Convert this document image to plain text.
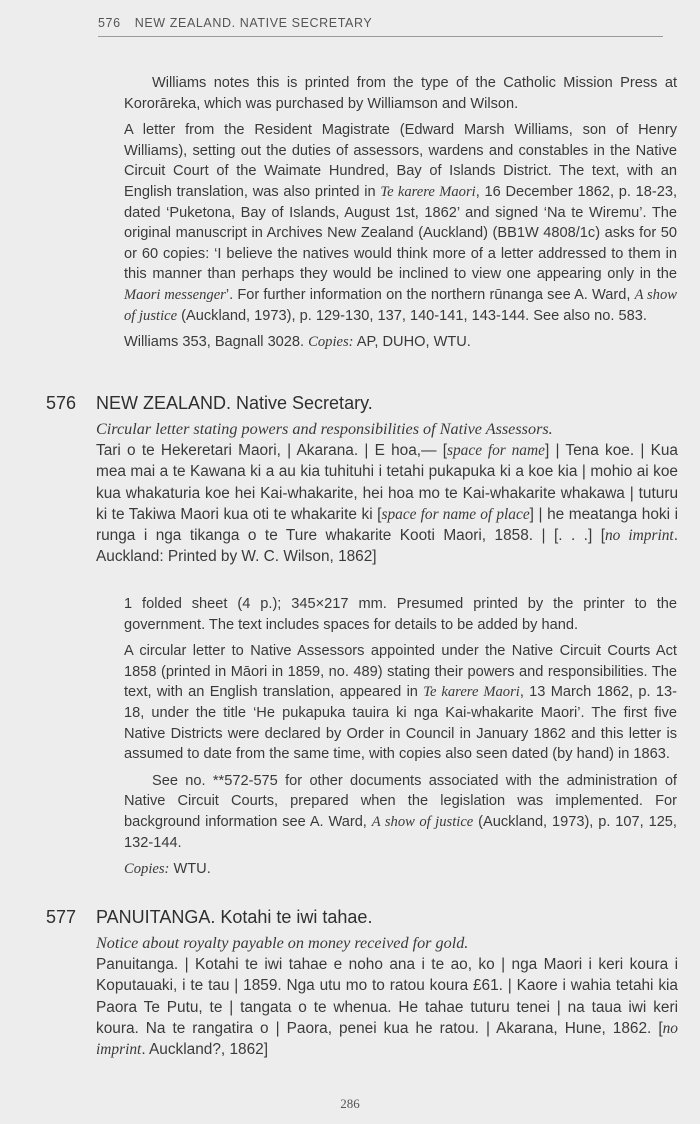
576 NEW ZEALAND. NATIVE SECRETARY

Williams notes this is printed from the type of the Catholic Mission Press at Kororāreka, which was purchased by Williamson and Wilson.

A letter from the Resident Magistrate (Edward Marsh Williams, son of Henry Williams), setting out the duties of assessors, wardens and constables in the Native Circuit Court of the Waimate Hundred, Bay of Islands District. The text, with an English translation, was also printed in Te karere Maori, 16 December 1862, p. 18-23, dated ‘Puketona, Bay of Islands, August 1st, 1862’ and signed ‘Na te Wiremu’. The original manuscript in Archives New Zealand (Auckland) (BB1W 4808/1c) asks for 50 or 60 copies: ‘I believe the natives would think more of a letter addressed to them in this manner than perhaps they would be inclined to view one appearing only in the Maori messenger’. For further information on the northern rūnanga see A. Ward, A show of justice (Auckland, 1973), p. 129-130, 137, 140-141, 143-144. See also no. 583.

Williams 353, Bagnall 3028. Copies: AP, DUHO, WTU.

576 NEW ZEALAND. Native Secretary.
Circular letter stating powers and responsibilities of Native Assessors.
Tari o te Hekeretari Maori, | Akarana. | E hoa,— [space for name] | Tena koe. | Kua mea mai a te Kawana ki a au kia tuhituhi i tetahi pukapuka ki a koe kia | mohio ai koe kua whakaturia koe hei Kai-whakarite, hei hoa mo te Kai-whakarite whakawa | tuturu ki te Takiwa Maori kua oti te whakarite ki [space for name of place] | he meatanga hoki i runga i nga tikanga o te Ture whakarite Kooti Maori, 1858. | [. . .] [no imprint. Auckland: Printed by W. C. Wilson, 1862]

1 folded sheet (4 p.); 345×217 mm. Presumed printed by the printer to the government. The text includes spaces for details to be added by hand.

A circular letter to Native Assessors appointed under the Native Circuit Courts Act 1858 (printed in Māori in 1859, no. 489) stating their powers and responsibilities. The text, with an English translation, appeared in Te karere Maori, 13 March 1862, p. 13-18, under the title ‘He pukapuka tauira ki nga Kai-whakarite Maori’. The first five Native Districts were declared by Order in Council in January 1862 and this letter is assumed to date from the same time, with copies also seen dated (by hand) in 1863.

See no. **572-575 for other documents associated with the administration of Native Circuit Courts, prepared when the legislation was implemented. For background information see A. Ward, A show of justice (Auckland, 1973), p. 107, 125, 132-144.

Copies: WTU.

577 PANUITANGA. Kotahi te iwi tahae.
Notice about royalty payable on money received for gold.
Panuitanga. | Kotahi te iwi tahae e noho ana i te ao, ko | nga Maori i keri koura i Koputauaki, i te tau | 1859. Nga utu mo to ratou koura £61. | Kaore i wahia tetahi kia Paora Te Putu, te | tangata o te whenua. He tahae tuturu tenei | na taua iwi keri koura. Na te rangatira o | Paora, penei kua he ratou. | Akarana, Hune, 1862. [no imprint. Auckland?, 1862]
286
